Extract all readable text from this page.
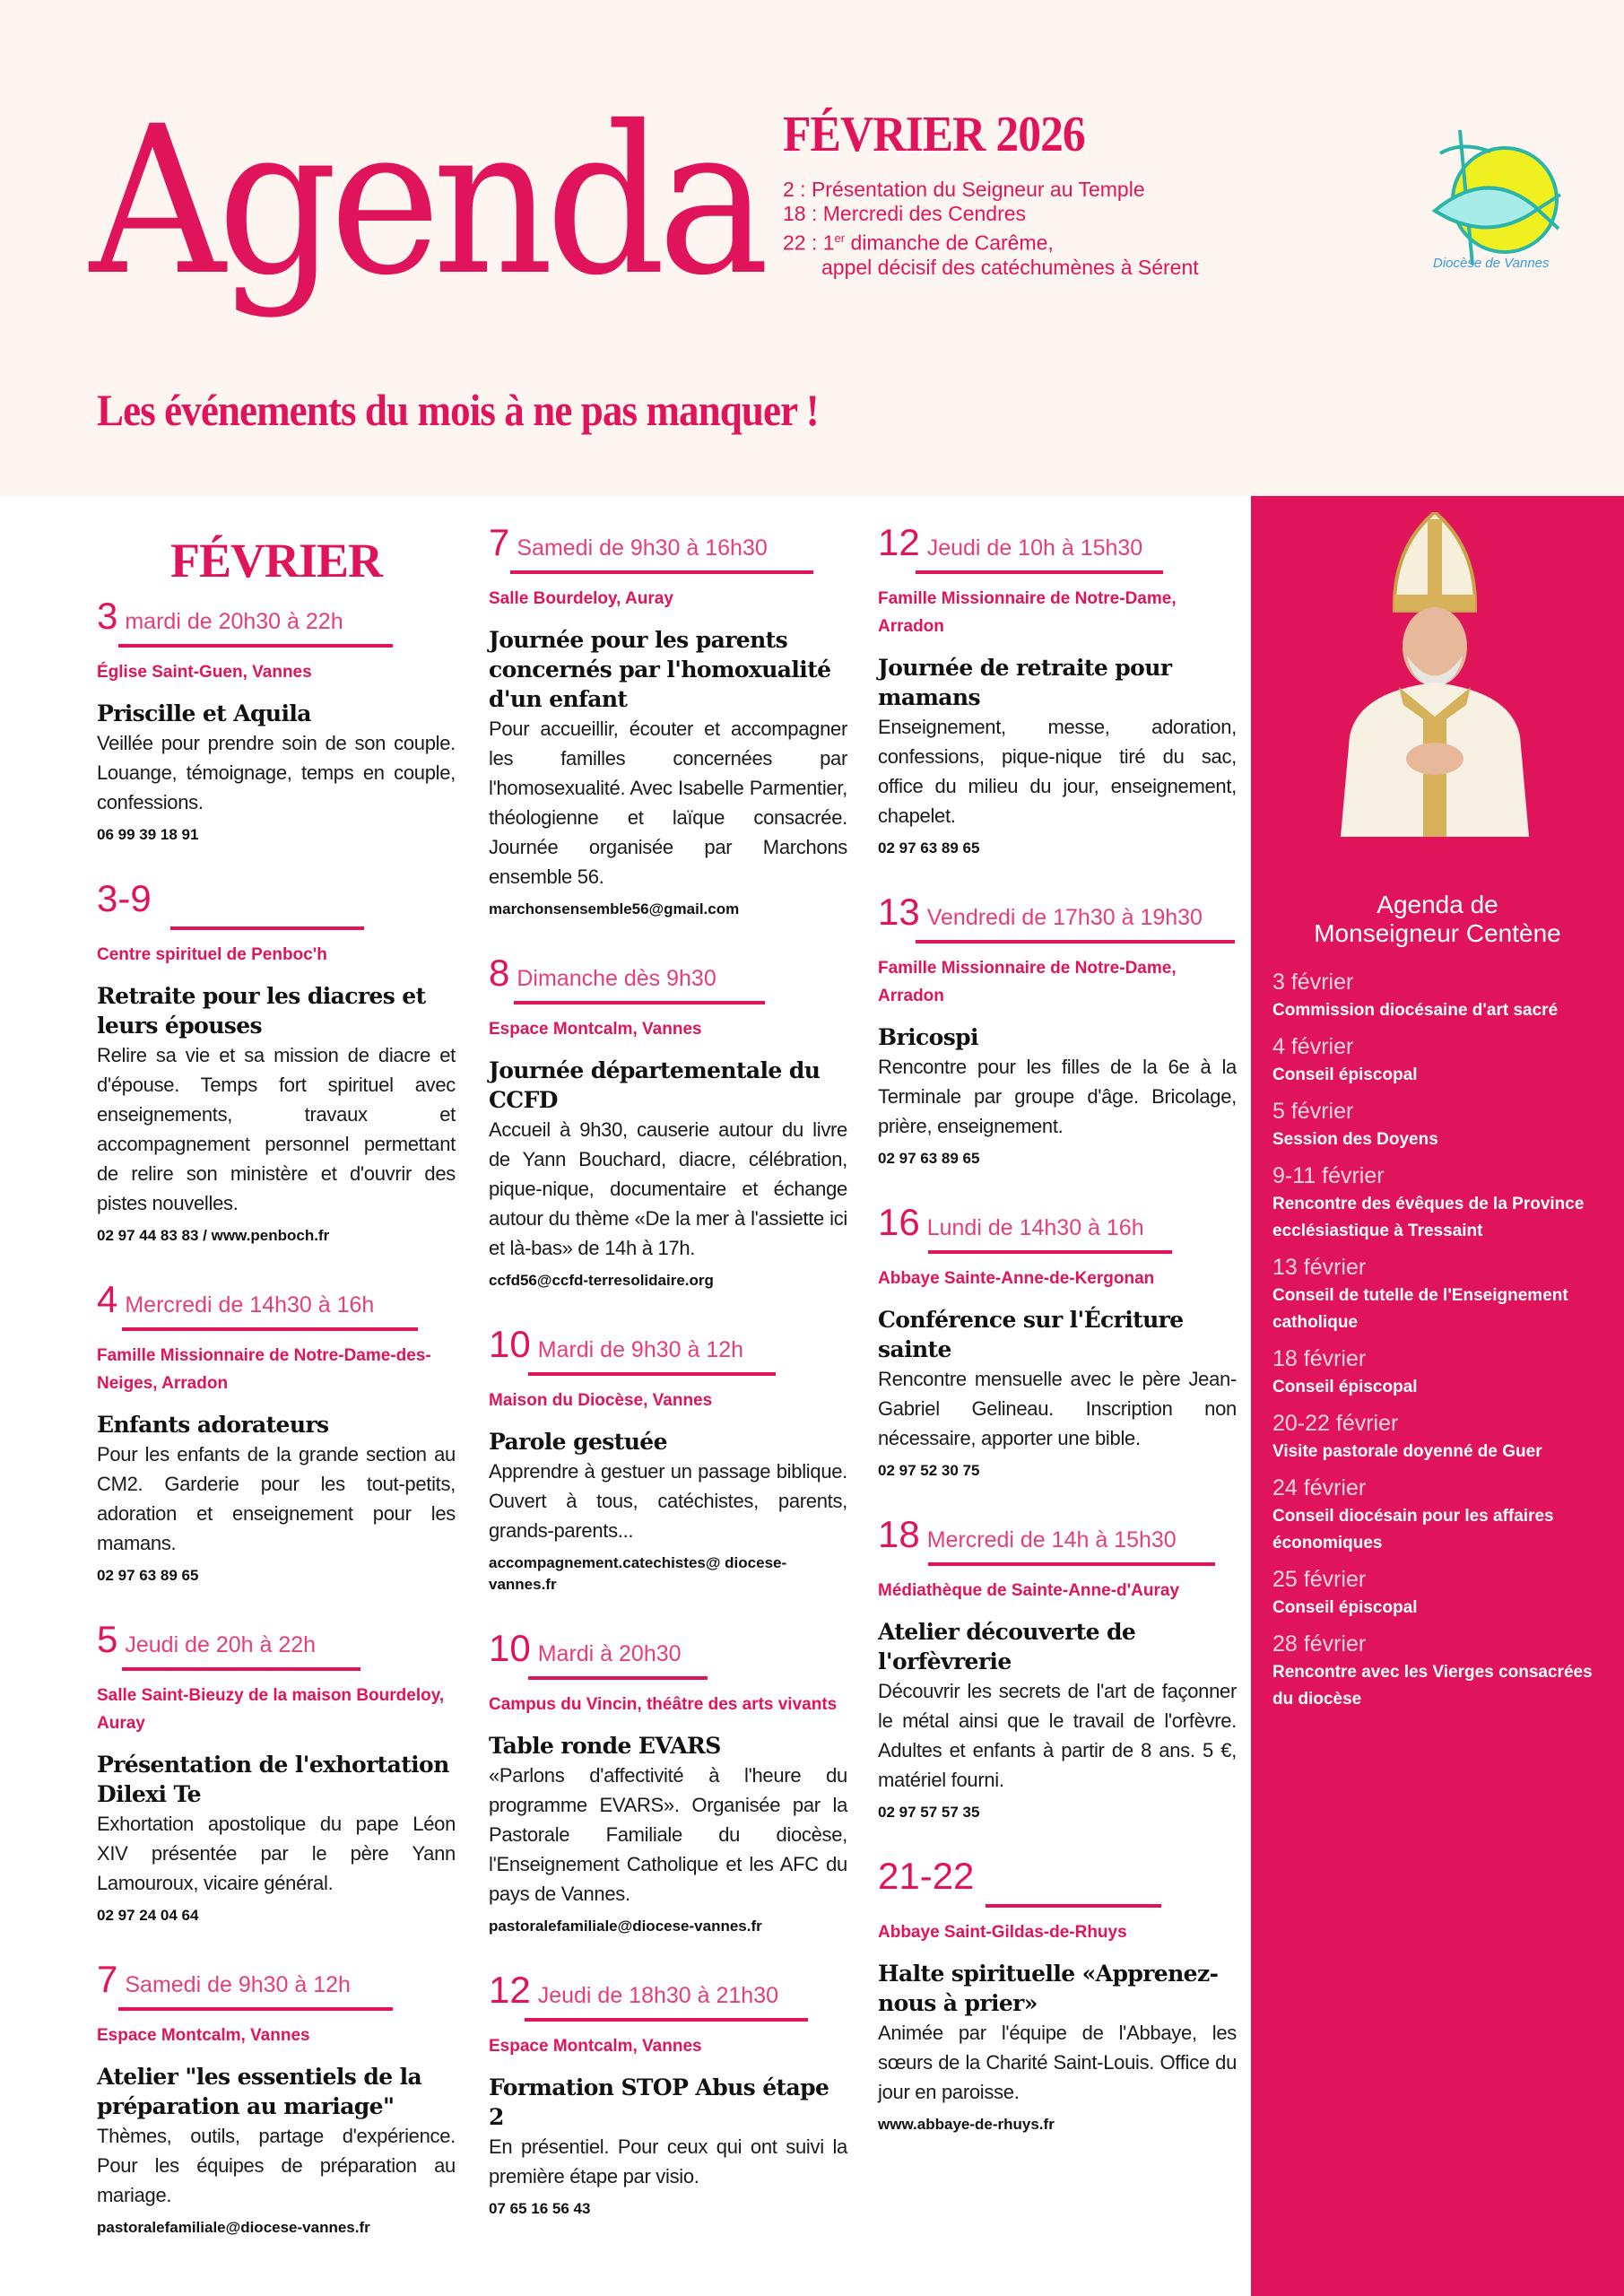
Agenda FÉVRIER 2026
2 : Présentation du Seigneur au Temple
18 : Mercredi des Cendres
22 : 1er dimanche de Carême,
appel décisif des catéchumènes à Sérent
Les événements du mois à ne pas manquer !
Diocèse de Vannes
FÉVRIER
3 mardi de 20h30 à 22h
Église Saint-Guen, Vannes
Priscille et Aquila
Veillée pour prendre soin de son couple. Louange, témoignage, temps en couple, confessions.
06 99 39 18 91
3-9
Centre spirituel de Penboc'h
Retraite pour les diacres et leurs épouses
Relire sa vie et sa mission de diacre et d'épouse. Temps fort spirituel avec enseignements, travaux et accompagnement personnel permettant de relire son ministère et d'ouvrir des pistes nouvelles.
02 97 44 83 83 / www.penboch.fr
4 Mercredi de 14h30 à 16h
Famille Missionnaire de Notre-Dame-des-Neiges, Arradon
Enfants adorateurs
Pour les enfants de la grande section au CM2. Garderie pour les tout-petits, adoration et enseignement pour les mamans.
02 97 63 89 65
5 Jeudi de 20h à 22h
Salle Saint-Bieuzy de la maison Bourdeloy, Auray
Présentation de l'exhortation Dilexi Te
Exhortation apostolique du pape Léon XIV présentée par le père Yann Lamouroux, vicaire général.
02 97 24 04 64
7 Samedi de 9h30 à 12h
Espace Montcalm, Vannes
Atelier "les essentiels de la préparation au mariage"
Thèmes, outils, partage d'expérience. Pour les équipes de préparation au mariage.
pastoralefamiliale@diocese-vannes.fr
7 Samedi de 9h30 à 16h30
Salle Bourdeloy, Auray
Journée pour les parents concernés par l'homoxualité d'un enfant
Pour accueillir, écouter et accompagner les familles concernées par l'homosexualité. Avec Isabelle Parmentier, théologienne et laïque consacrée. Journée organisée par Marchons ensemble 56.
marchonsensemble56@gmail.com
8 Dimanche dès 9h30
Espace Montcalm, Vannes
Journée départementale du CCFD
Accueil à 9h30, causerie autour du livre de Yann Bouchard, diacre, célébration, pique-nique, documentaire et échange autour du thème «De la mer à l'assiette ici et là-bas» de 14h à 17h.
ccfd56@ccfd-terresolidaire.org
10 Mardi de 9h30 à 12h
Maison du Diocèse, Vannes
Parole gestuée
Apprendre à gestuer un passage biblique. Ouvert à tous, catéchistes, parents, grands-parents...
accompagnement.catechistes@ diocese-vannes.fr
10 Mardi à 20h30
Campus du Vincin, théâtre des arts vivants
Table ronde EVARS
«Parlons d'affectivité à l'heure du programme EVARS». Organisée par la Pastorale Familiale du diocèse, l'Enseignement Catholique et les AFC du pays de Vannes.
pastoralefamiliale@diocese-vannes.fr
12 Jeudi de 18h30 à 21h30
Espace Montcalm, Vannes
Formation STOP Abus étape 2
En présentiel. Pour ceux qui ont suivi la première étape par visio.
07 65 16 56 43
12 Jeudi de 10h à 15h30
Famille Missionnaire de Notre-Dame, Arradon
Journée de retraite pour mamans
Enseignement, messe, adoration, confessions, pique-nique tiré du sac, office du milieu du jour, enseignement, chapelet.
02 97 63 89 65
13 Vendredi de 17h30 à 19h30
Famille Missionnaire de Notre-Dame, Arradon
Bricospi
Rencontre pour les filles de la 6e à la Terminale par groupe d'âge. Bricolage, prière, enseignement.
02 97 63 89 65
16 Lundi de 14h30 à 16h
Abbaye Sainte-Anne-de-Kergonan
Conférence sur l'Écriture sainte
Rencontre mensuelle avec le père Jean-Gabriel Gelineau. Inscription non nécessaire, apporter une bible.
02 97 52 30 75
18 Mercredi de 14h à 15h30
Médiathèque de Sainte-Anne-d'Auray
Atelier découverte de l'orfèvrerie
Découvrir les secrets de l'art de façonner le métal ainsi que le travail de l'orfèvre. Adultes et enfants à partir de 8 ans. 5 €, matériel fourni.
02 97 57 57 35
21-22
Abbaye Saint-Gildas-de-Rhuys
Halte spirituelle «Apprenez-nous à prier»
Animée par l'équipe de l'Abbaye, les sœurs de la Charité Saint-Louis. Office du jour en paroisse.
www.abbaye-de-rhuys.fr
Agenda de
Monseigneur Centène
3 février
Commission diocésaine d'art sacré
4 février
Conseil épiscopal
5 février
Session des Doyens
9-11 février
Rencontre des évêques de la Province ecclésiastique à Tressaint
13 février
Conseil de tutelle de l'Enseignement catholique
18 février
Conseil épiscopal
20-22 février
Visite pastorale doyenné de Guer
24 février
Conseil diocésain pour les affaires économiques
25 février
Conseil épiscopal
28 février
Rencontre avec les Vierges consacrées du diocèse
